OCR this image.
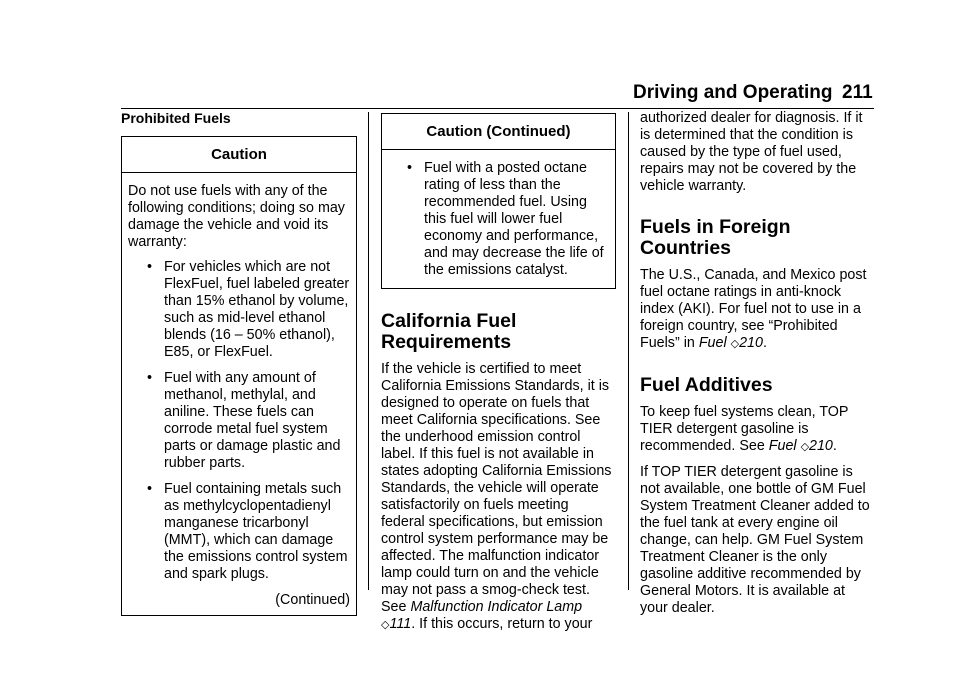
Driving and Operating 211
Prohibited Fuels
Caution
Do not use fuels with any of the following conditions; doing so may damage the vehicle and void its warranty:
• For vehicles which are not FlexFuel, fuel labeled greater than 15% ethanol by volume, such as mid-level ethanol blends (16 – 50% ethanol), E85, or FlexFuel.
• Fuel with any amount of methanol, methylal, and aniline. These fuels can corrode metal fuel system parts or damage plastic and rubber parts.
• Fuel containing metals such as methylcyclopentadienyl manganese tricarbonyl (MMT), which can damage the emissions control system and spark plugs.
(Continued)
Caution (Continued)
• Fuel with a posted octane rating of less than the recommended fuel. Using this fuel will lower fuel economy and performance, and may decrease the life of the emissions catalyst.
California Fuel Requirements

If the vehicle is certified to meet California Emissions Standards, it is designed to operate on fuels that meet California specifications. See the underhood emission control label. If this fuel is not available in states adopting California Emissions Standards, the vehicle will operate satisfactorily on fuels meeting federal specifications, but emission control system performance may be affected. The malfunction indicator lamp could turn on and the vehicle may not pass a smog-check test. See Malfunction Indicator Lamp ◇111. If this occurs, return to your

authorized dealer for diagnosis. If it is determined that the condition is caused by the type of fuel used, repairs may not be covered by the vehicle warranty.

Fuels in Foreign Countries

The U.S., Canada, and Mexico post fuel octane ratings in anti-knock index (AKI). For fuel not to use in a foreign country, see “Prohibited Fuels” in Fuel ◇210.

Fuel Additives

To keep fuel systems clean, TOP TIER detergent gasoline is recommended. See Fuel ◇210.

If TOP TIER detergent gasoline is not available, one bottle of GM Fuel System Treatment Cleaner added to the fuel tank at every engine oil change, can help. GM Fuel System Treatment Cleaner is the only gasoline additive recommended by General Motors. It is available at your dealer.
